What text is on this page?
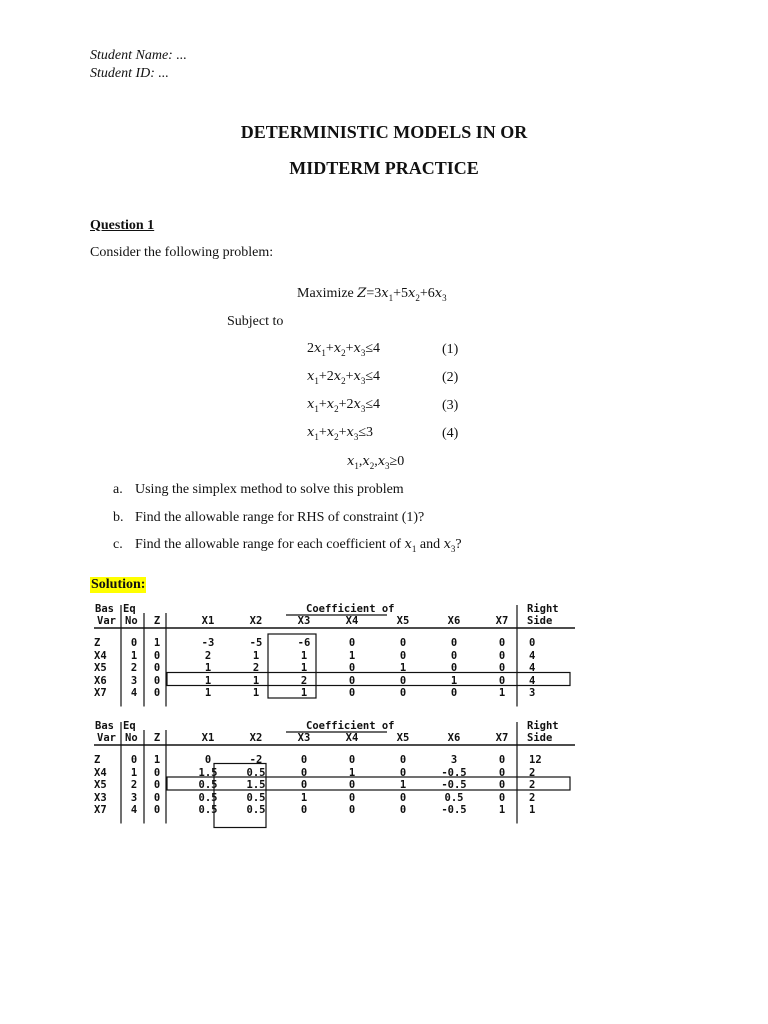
Student Name: ...
Student ID: ...
DETERMINISTIC MODELS IN OR
MIDTERM PRACTICE
Question 1
Consider the following problem:
Maximize $Z=3x_1+5x_2+6x_3$
Subject to
$2x_1+x_2+x_3\le 4$
$x_1+2x_2+x_3\le 4$
$x_1+x_2+2x_3\le 4$
$x_1+x_2+x_3\le 3$
(1)
(2)
(3)
(4)
$x_1,x_2,x_3\ge 0$
a. Using the simplex method to solve this problem
b. Find the allowable range for RHS of constraint (1)?
c. Find the allowable range for each coefficient of $x_1$ and $x_3$?
Solution:
Bas
Var
Eq
No	Z
Coefficient of
X1	X2	X3	X4	X5	X6	X7
Right
Side
Z	0	1	-3	-5	-6	0	0	0	0	0
X4	1	0	2	1	1	1	0	0	0	4
X5	2	0	1	2	1	0	1	0	0	4
X6	3	0	1	1	2	0	0	1	0	4
X7	4	0	1	1	1	0	0	0	1	3
Bas
Var
Eq
No	Z
Coefficient of
X1	X2	X3	X4	X5	X6	X7
Right
Side
Z	0	1	0	-2	0	0	0	3	0	12
X4	1	0	1.5	0.5	0	1	0	-0.5	0	2
X5	2	0	0.5	1.5	0	0	1	-0.5	0	2
X3	3	0	0.5	0.5	1	0	0	0.5	0	2
X7	4	0	0.5	0.5	0	0	0	-0.5	1	1
